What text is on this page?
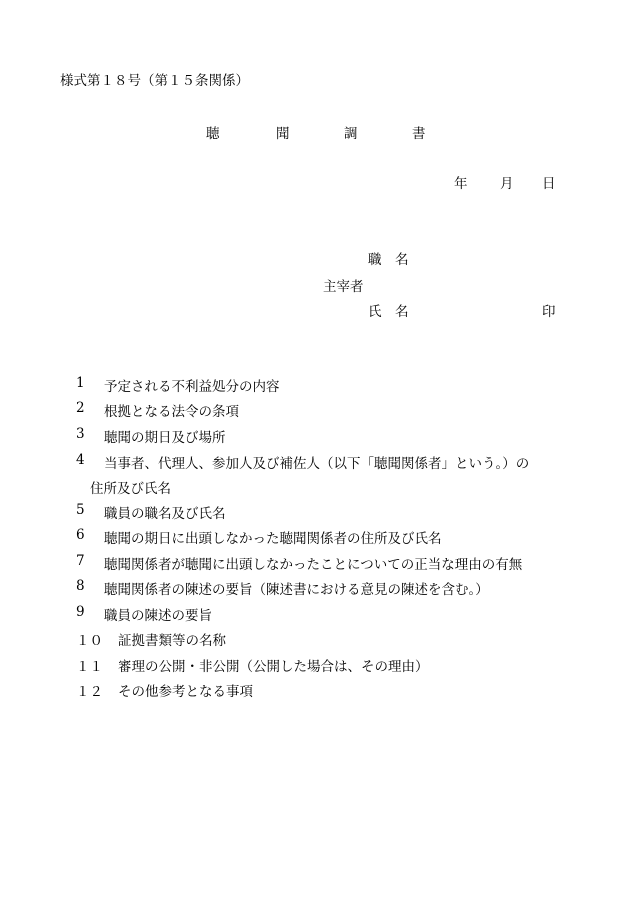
様式第１８号（第１５条関係）
聴	聞	調	書
年 月 日
職　名
主宰者
氏　名	印
1 予定される不利益処分の内容
2 根拠となる法令の条項
3 聴聞の期日及び場所
4 当事者、代理人、参加人及び補佐人（以下「聴聞関係者」という。）の
住所及び氏名
5 職員の職名及び氏名
6 聴聞の期日に出頭しなかった聴聞関係者の住所及び氏名
7 聴聞関係者が聴聞に出頭しなかったことについての正当な理由の有無
8 聴聞関係者の陳述の要旨（陳述書における意見の陳述を含む。）
9 職員の陳述の要旨
１０ 証拠書類等の名称
１１ 審理の公開・非公開（公開した場合は、その理由）
１２ その他参考となる事項
